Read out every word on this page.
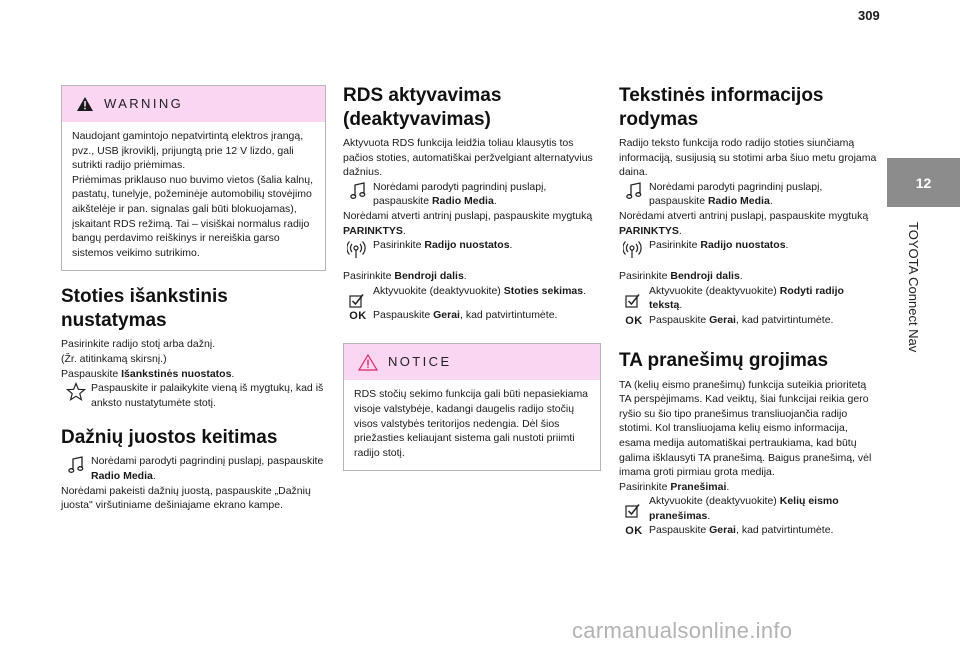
309
12
TOYOTA Connect Nav
WARNING

Naudojant gamintojo nepatvirtintą elektros įrangą, pvz., USB įkroviklį, prijungtą prie 12 V lizdo, gali sutrikti radijo priėmimas.

Priėmimas priklauso nuo buvimo vietos (šalia kalnų, pastatų, tunelyje, požeminėje automobilių stovėjimo aikštelėje ir pan. signalas gali būti blokuojamas), įskaitant RDS režimą. Tai – visiškai normalus radijo bangų perdavimo reiškinys ir nereiškia garso sistemos veikimo sutrikimo.

Stoties išankstinis nustatymas

Pasirinkite radijo stotį arba dažnį.

(Žr. atitinkamą skirsnį.)

Paspauskite Išankstinės nuostatos.

Paspauskite ir palaikykite vieną iš mygtukų, kad iš anksto nustatytumėte stotį.
Dažnių juostos keitimas
Norėdami parodyti pagrindinį puslapį, paspauskite Radio Media.

Norėdami pakeisti dažnių juostą, paspauskite „Dažnių juosta" viršutiniame dešiniajame ekrano kampe.

RDS aktyvavimas (deaktyvavimas)

Aktyvuota RDS funkcija leidžia toliau klausytis tos pačios stoties, automatiškai peržvelgiant alternatyvius dažnius.

Norėdami parodyti pagrindinį puslapį, paspauskite Radio Media.

Norėdami atverti antrinį puslapį, paspauskite mygtuką PARINKTYS.

Pasirinkite Radijo nuostatos.

Pasirinkite Bendroji dalis.

Aktyvuokite (deaktyvuokite) Stoties sekimas.
OK Paspauskite Gerai, kad patvirtintumėte.
NOTICE

RDS stočių sekimo funkcija gali būti nepasiekiama visoje valstybėje, kadangi daugelis radijo stočių visos valstybės teritorijos nedengia. Dėl šios priežasties keliaujant sistema gali nustoti priimti radijo stotį.

Tekstinės informacijos rodymas

Radijo teksto funkcija rodo radijo stoties siunčiamą informaciją, susijusią su stotimi arba šiuo metu grojama daina.

Norėdami parodyti pagrindinį puslapį, paspauskite Radio Media.

Norėdami atverti antrinį puslapį, paspauskite mygtuką PARINKTYS.

Pasirinkite Radijo nuostatos.

Pasirinkite Bendroji dalis.

Aktyvuokite (deaktyvuokite) Rodyti radijo tekstą.
OK Paspauskite Gerai, kad patvirtintumėte.
TA pranešimų grojimas

TA (kelių eismo pranešimų) funkcija suteikia prioritetą TA perspėjimams. Kad veiktų, šiai funkcijai reikia gero ryšio su šio tipo pranešimus transliuojančia radijo stotimi. Kol transliuojama kelių eismo informacija, esama medija automatiškai pertraukiama, kad būtų galima išklausyti TA pranešimą. Baigus pranešimą, vėl imama groti pirmiau grota medija.

Pasirinkite Pranešimai.

Aktyvuokite (deaktyvuokite) Kelių eismo pranešimas.
OK Paspauskite Gerai, kad patvirtintumėte.
carmanualsonline.info
